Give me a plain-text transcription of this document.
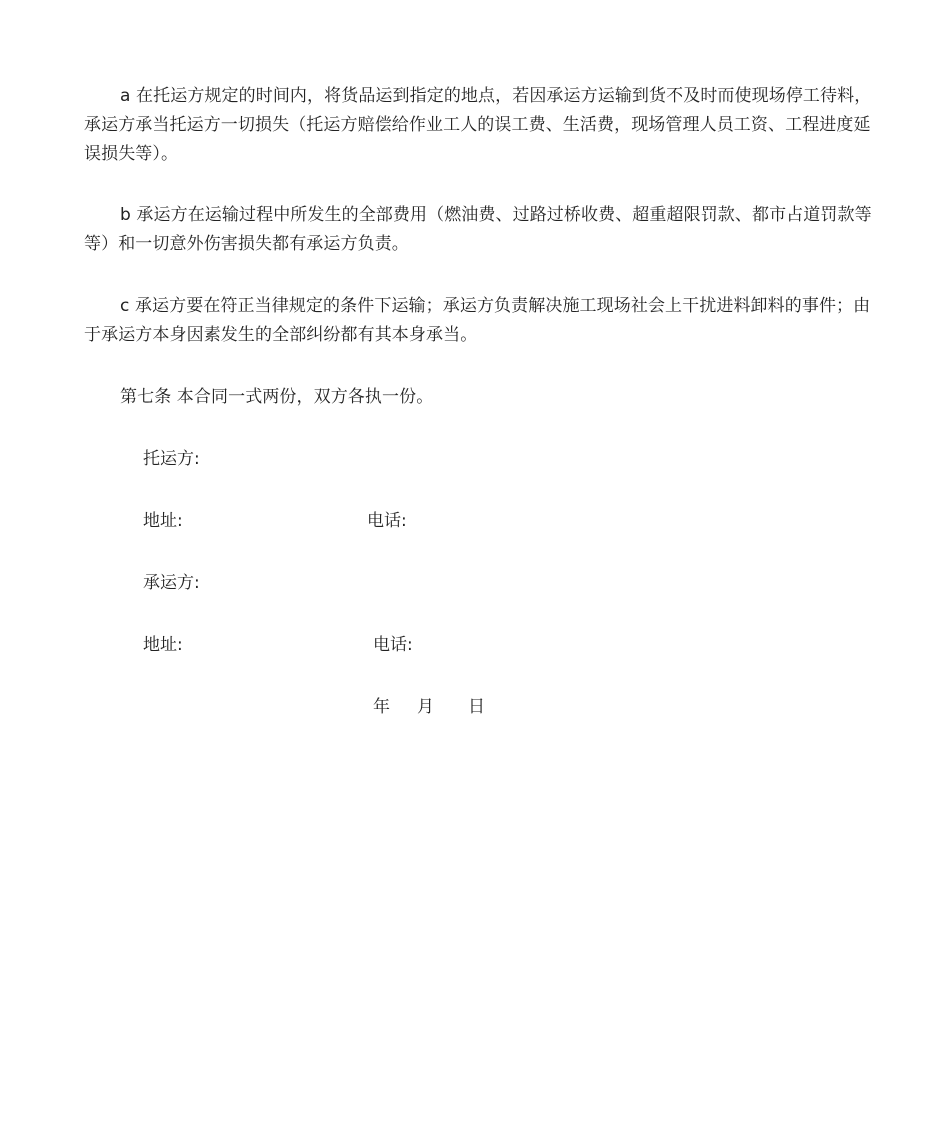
a 在托运方规定的时间内，将货品运到指定的地点，若因承运方运输到货不及时而使现场停工待料，承运方承当托运方一切损失（托运方赔偿给作业工人的误工费、生活费，现场管理人员工资、工程进度延误损失等）。

b 承运方在运输过程中所发生的全部费用（燃油费、过路过桥收费、超重超限罚款、都市占道罚款等等）和一切意外伤害损失都有承运方负责。

c 承运方要在符正当律规定的条件下运输；承运方负责解决施工现场社会上干扰进料卸料的事件；由于承运方本身因素发生的全部纠纷都有其本身承当。

第七条 本合同一式两份，双方各执一份。

托运方:
地址:	电话:
承运方:
地址:	电话:
年 月 日
